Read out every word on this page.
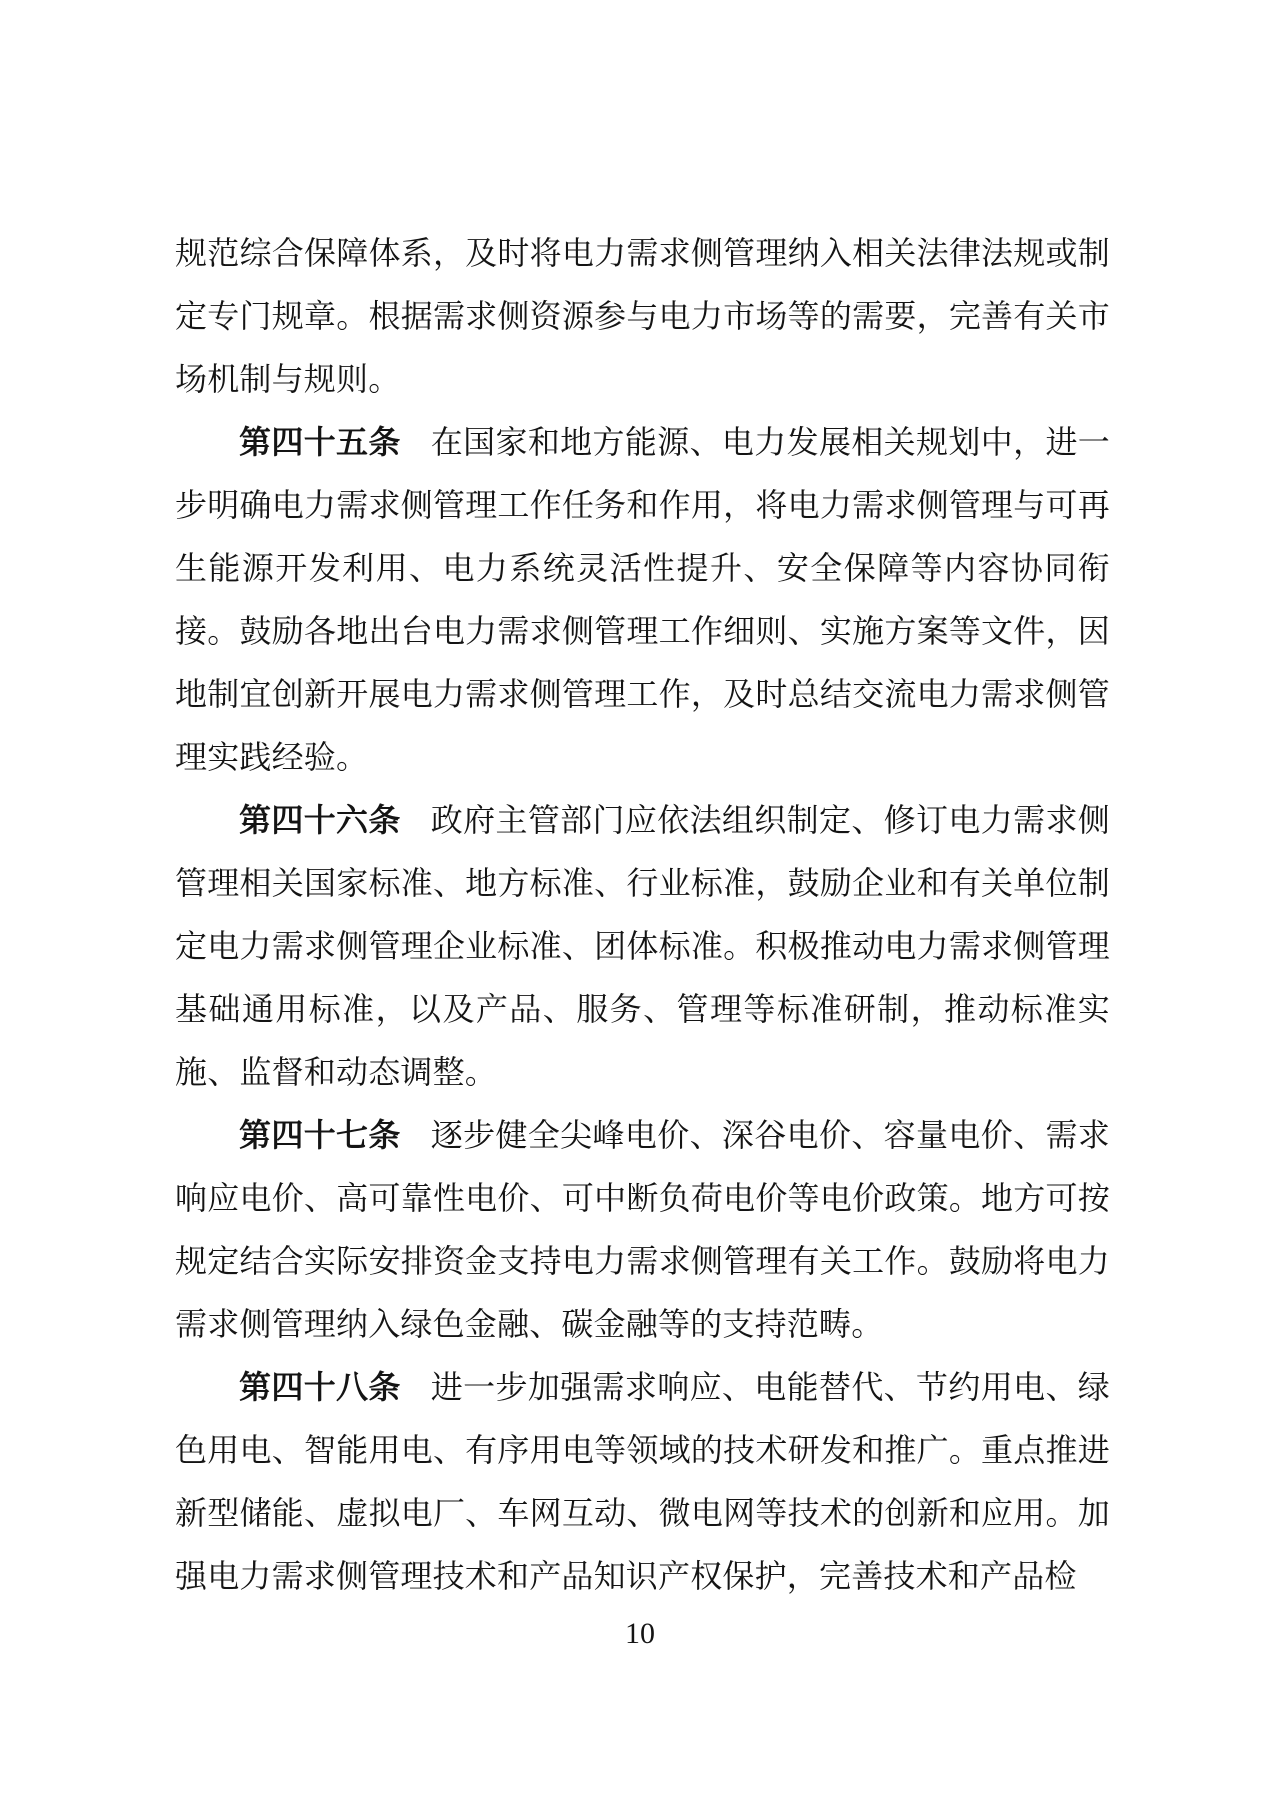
规范综合保障体系，及时将电力需求侧管理纳入相关法律法规或制定专门规章。根据需求侧资源参与电力市场等的需要，完善有关市场机制与规则。

第四十五条 在国家和地方能源、电力发展相关规划中，进一步明确电力需求侧管理工作任务和作用，将电力需求侧管理与可再生能源开发利用、电力系统灵活性提升、安全保障等内容协同衔接。鼓励各地出台电力需求侧管理工作细则、实施方案等文件，因地制宜创新开展电力需求侧管理工作，及时总结交流电力需求侧管理实践经验。

第四十六条 政府主管部门应依法组织制定、修订电力需求侧管理相关国家标准、地方标准、行业标准，鼓励企业和有关单位制定电力需求侧管理企业标准、团体标准。积极推动电力需求侧管理基础通用标准，以及产品、服务、管理等标准研制，推动标准实施、监督和动态调整。

第四十七条 逐步健全尖峰电价、深谷电价、容量电价、需求响应电价、高可靠性电价、可中断负荷电价等电价政策。地方可按规定结合实际安排资金支持电力需求侧管理有关工作。鼓励将电力需求侧管理纳入绿色金融、碳金融等的支持范畴。

第四十八条 进一步加强需求响应、电能替代、节约用电、绿色用电、智能用电、有序用电等领域的技术研发和推广。重点推进新型储能、虚拟电厂、车网互动、微电网等技术的创新和应用。加强电力需求侧管理技术和产品知识产权保护，完善技术和产品检

10
